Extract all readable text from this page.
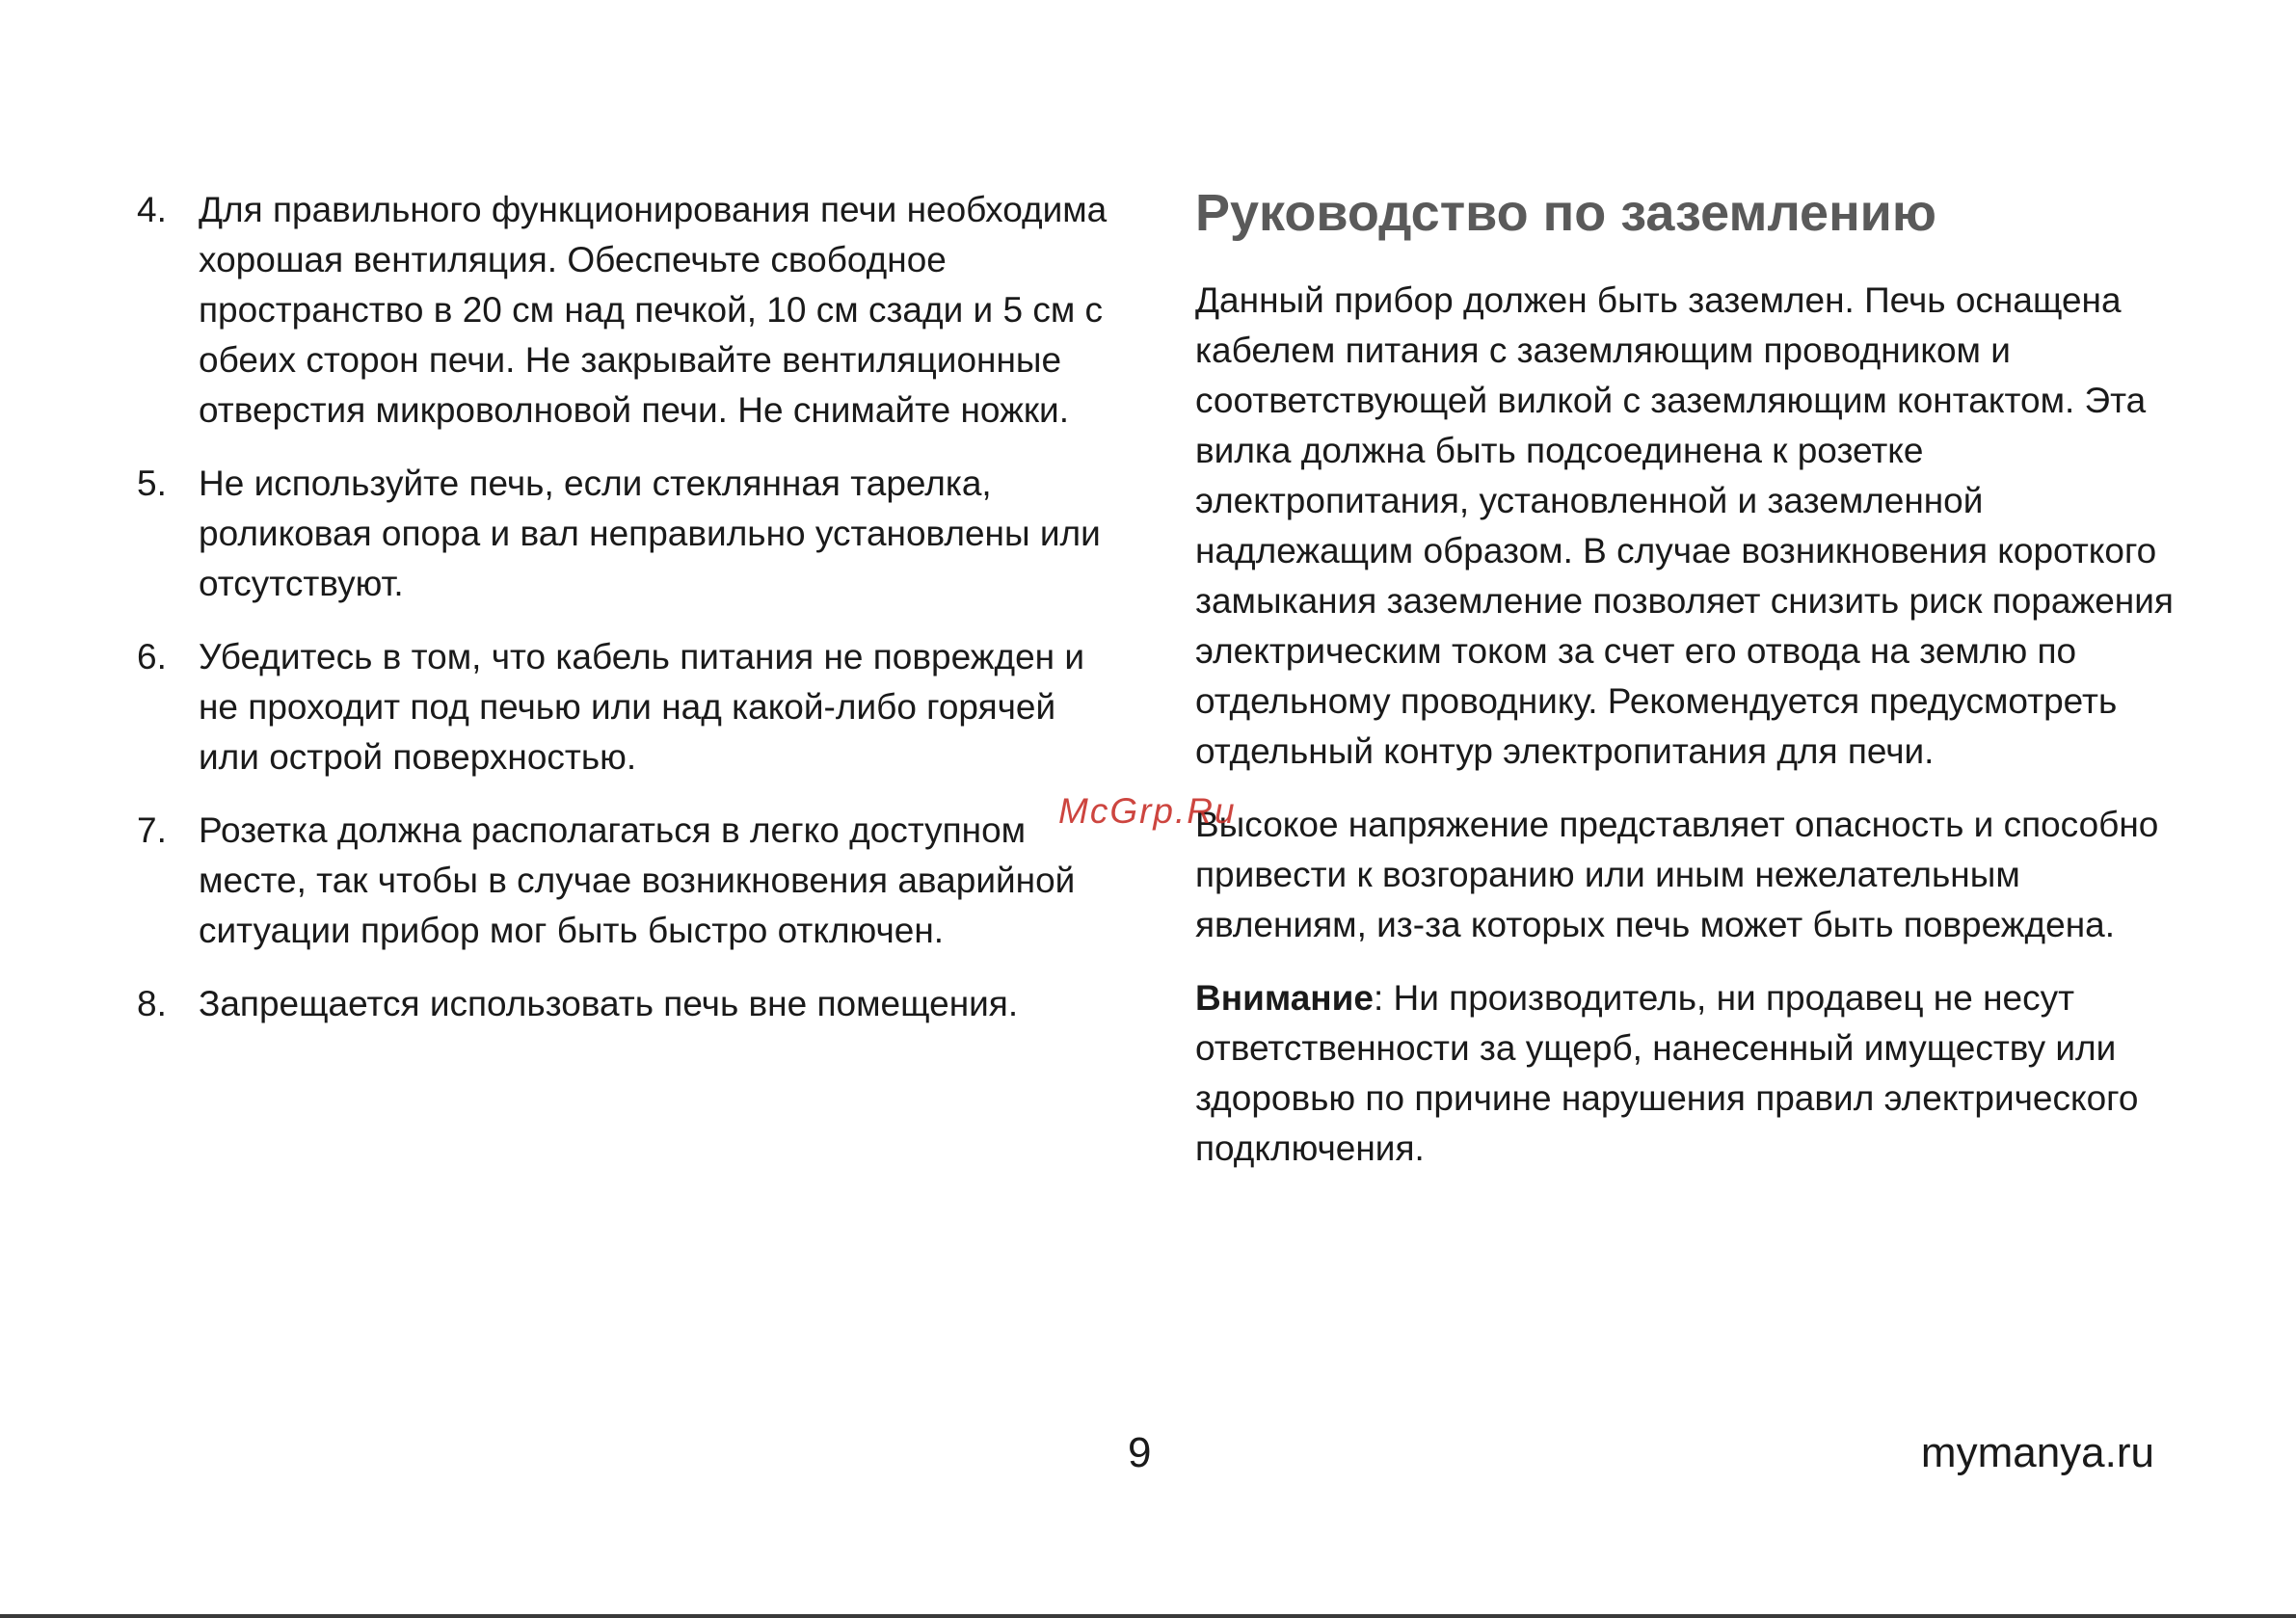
4. Для правильного функционирования печи необходима хорошая вентиляция. Обеспечьте свободное пространство в 20 см над печкой, 10 см сзади и 5 см с обеих сторон печи. Не закрывайте вентиляционные отверстия микроволновой печи. Не снимайте ножки.
5. Не используйте печь, если стеклянная тарелка, роликовая опора и вал неправильно установлены или отсутствуют.
6. Убедитесь в том, что кабель питания не поврежден и не проходит под печью или над какой-либо горячей или острой поверхностью.
7. Розетка должна располагаться в легко доступном месте, так чтобы в случае возникновения аварийной ситуации прибор мог быть быстро отключен.
8. Запрещается использовать печь вне помещения.
Руководство по заземлению

Данный прибор должен быть заземлен. Печь оснащена кабелем питания с заземляющим проводником и соответствующей вилкой с заземляющим контактом. Эта вилка должна быть подсоединена к розетке электропитания, установленной и заземленной надлежащим образом. В случае возникновения короткого замыкания заземление позволяет снизить риск поражения электрическим током за счет его отвода на землю по отдельному проводнику. Рекомендуется предусмотреть отдельный контур электропитания для печи.

Высокое напряжение представляет опасность и способно привести к возгоранию или иным нежелательным явлениям, из-за которых печь может быть повреждена.

Внимание: Ни производитель, ни продавец не несут ответственности за ущерб, нанесенный имуществу или здоровью по причине нарушения правил электрического подключения.

McGrp.Ru
9	mymanya.ru
